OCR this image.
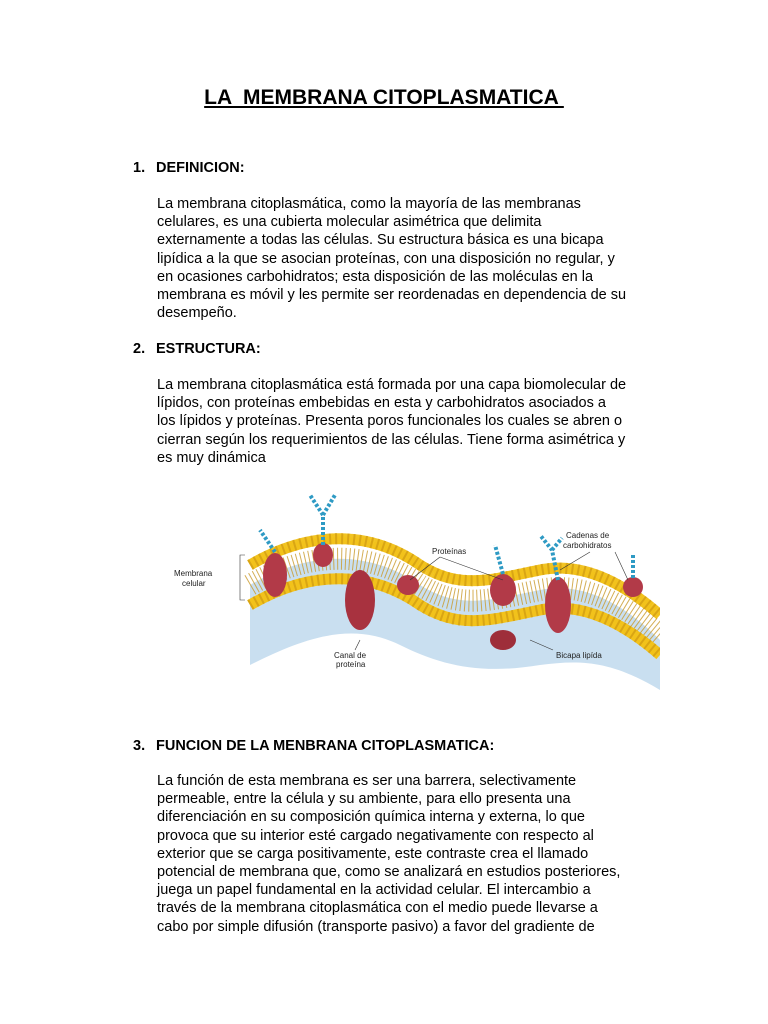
LA  MEMBRANA CITOPLASMATICA
1. DEFINICION:
La membrana citoplasmática, como la mayoría de las membranas
celulares, es una cubierta molecular asimétrica que delimita
externamente a todas las células. Su estructura básica es una bicapa
lipídica a la que se asocian proteínas, con una disposición no regular, y
en ocasiones carbohidratos; esta disposición de las moléculas en la
membrana es móvil y les permite ser reordenadas en dependencia de su
desempeño.
2. ESTRUCTURA:
La membrana citoplasmática está formada por una capa biomolecular de
lípidos, con proteínas embebidas en esta y carbohidratos asociados a
los lípidos y proteínas. Presenta poros funcionales los cuales se abren o
cierran según los requerimientos de las células. Tiene forma asimétrica y
es muy dinámica
Membrana
celular
Proteínas
Cadenas de
carbohidratos
Canal de
proteína
Bicapa lipída
3. FUNCION DE LA MENBRANA CITOPLASMATICA:
La función de esta membrana es ser una barrera, selectivamente
permeable, entre la célula y su ambiente, para ello presenta una
diferenciación en su composición química interna y externa, lo que
provoca que su interior esté cargado negativamente con respecto al
exterior que se carga positivamente, este contraste crea el llamado
potencial de membrana que, como se analizará en estudios posteriores,
juega un papel fundamental en la actividad celular. El intercambio a
través de la membrana citoplasmática con el medio puede llevarse a
cabo por simple difusión (transporte pasivo) a favor del gradiente de
